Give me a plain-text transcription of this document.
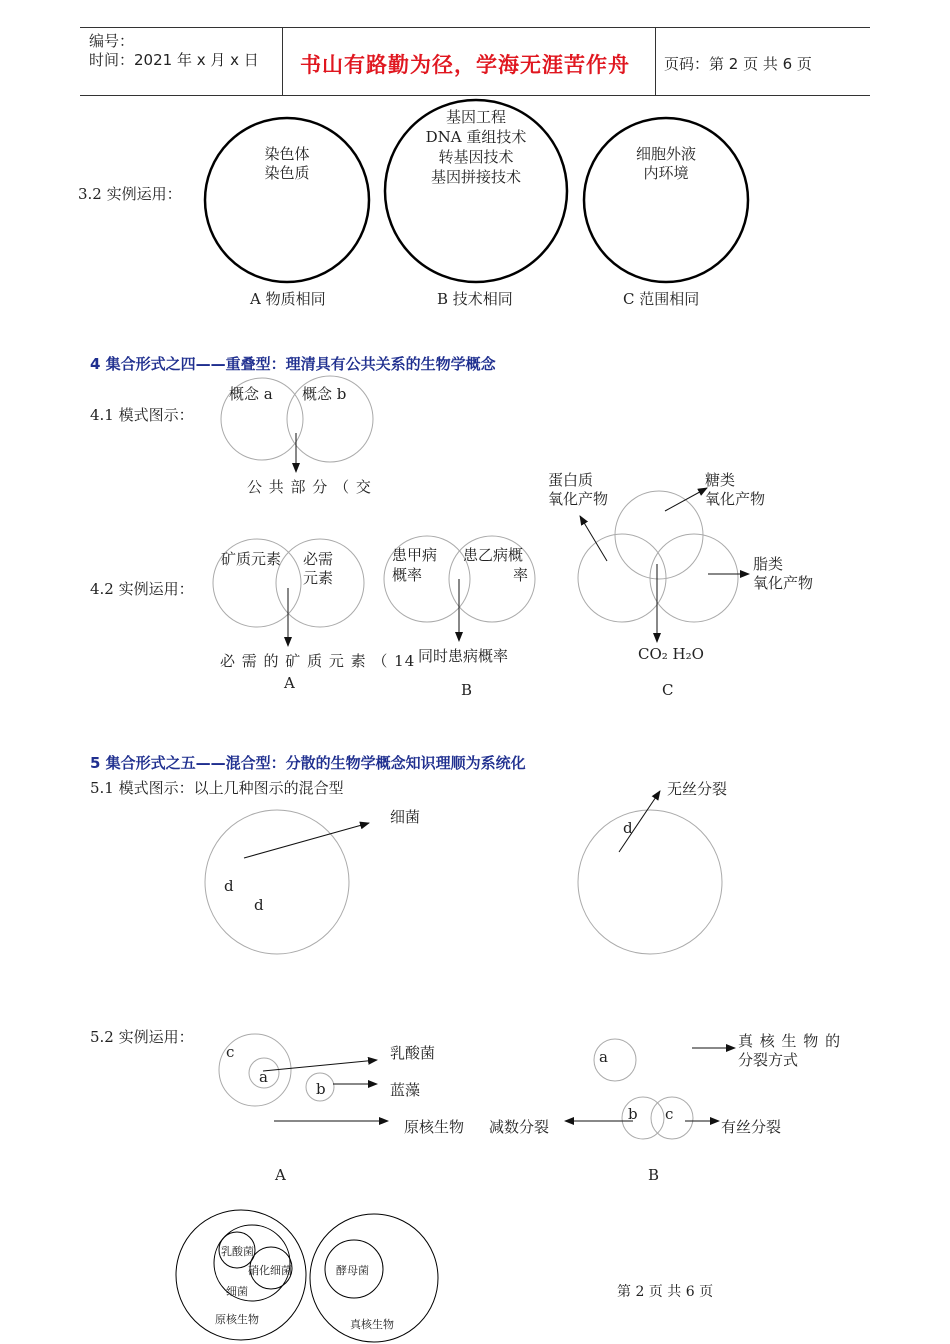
编号：
时间：2021 年 x 月 x 日 书山有路勤为径，学海无涯苦作舟 页码：第 2 页 共 6 页
3.2 实例运用：
染色体
染色质
基因工程
DNA 重组技术
转基因技术
基因拼接技术
细胞外液
内环境
A 物质相同	B 技术相同	C 范围相同
4 集合形式之四——重叠型：理清具有公共关系的生物学概念
4.1 模式图示：
概念 a 概念 b
公 共 部 分 （ 交
4.2 实例运用：
矿质元素 必需
元素
必 需 的 矿 质 元 素 （ 14
A
患甲病
概率
患乙病概
率
同时患病概率
B
蛋白质
氧化产物
糖类
氧化产物
脂类
氧化产物
CO₂ H₂O
C
5 集合形式之五——混合型：分散的生物学概念知识理顺为系统化
5.1 模式图示：以上几种图示的混合型
细菌
d
d
d
无丝分裂
5.2 实例运用：
c
a
b
乳酸菌
蓝藻
原核生物 减数分裂
a
b c
真 核 生 物 的
分裂方式
有丝分裂
A	B
乳酸菌
硝化细菌
细菌
原核生物
酵母菌
真核生物
第 2 页 共 6 页
